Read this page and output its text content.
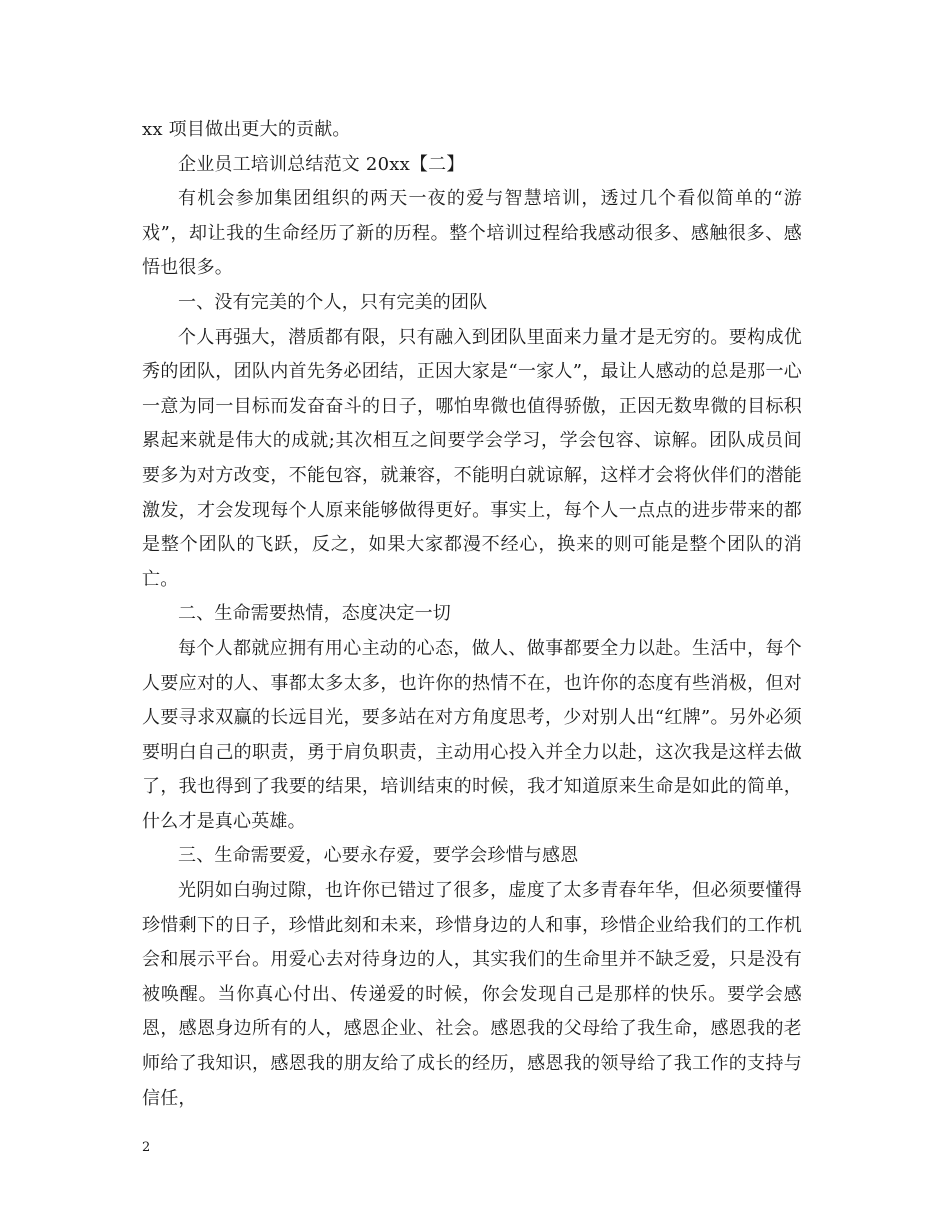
xx 项目做出更大的贡献。

企业员工培训总结范文 20xx【二】

有机会参加集团组织的两天一夜的爱与智慧培训，透过几个看似简单的“游戏”，却让我的生命经历了新的历程。整个培训过程给我感动很多、感触很多、感悟也很多。

一、没有完美的个人，只有完美的团队

个人再强大，潜质都有限，只有融入到团队里面来力量才是无穷的。要构成优秀的团队，团队内首先务必团结，正因大家是“一家人”，最让人感动的总是那一心一意为同一目标而发奋奋斗的日子，哪怕卑微也值得骄傲，正因无数卑微的目标积累起来就是伟大的成就;其次相互之间要学会学习，学会包容、谅解。团队成员间要多为对方改变，不能包容，就兼容，不能明白就谅解，这样才会将伙伴们的潜能激发，才会发现每个人原来能够做得更好。事实上，每个人一点点的进步带来的都是整个团队的飞跃，反之，如果大家都漫不经心，换来的则可能是整个团队的消亡。

二、生命需要热情，态度决定一切

每个人都就应拥有用心主动的心态，做人、做事都要全力以赴。生活中，每个人要应对的人、事都太多太多，也许你的热情不在，也许你的态度有些消极，但对人要寻求双赢的长远目光，要多站在对方角度思考，少对别人出“红牌”。另外必须要明白自己的职责，勇于肩负职责，主动用心投入并全力以赴，这次我是这样去做了，我也得到了我要的结果，培训结束的时候，我才知道原来生命是如此的简单，什么才是真心英雄。

三、生命需要爱，心要永存爱，要学会珍惜与感恩

光阴如白驹过隙，也许你已错过了很多，虚度了太多青春年华，但必须要懂得珍惜剩下的日子，珍惜此刻和未来，珍惜身边的人和事，珍惜企业给我们的工作机会和展示平台。用爱心去对待身边的人，其实我们的生命里并不缺乏爱，只是没有被唤醒。当你真心付出、传递爱的时候，你会发现自己是那样的快乐。要学会感恩，感恩身边所有的人，感恩企业、社会。感恩我的父母给了我生命，感恩我的老师给了我知识，感恩我的朋友给了成长的经历，感恩我的领导给了我工作的支持与信任，

2
